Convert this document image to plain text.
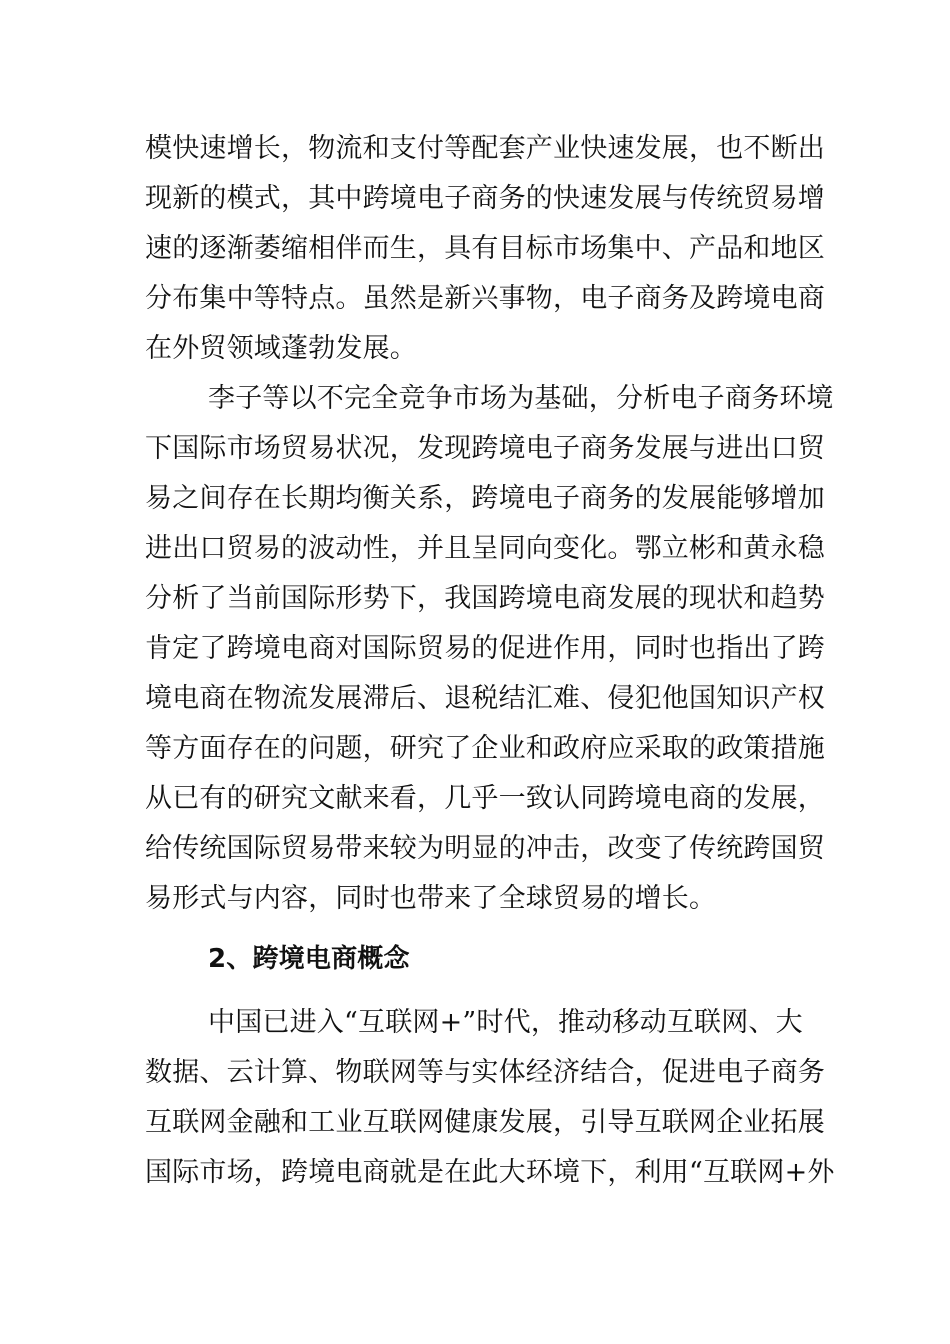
模快速增长，物流和支付等配套产业快速发展，也不断出
现新的模式，其中跨境电子商务的快速发展与传统贸易增
速的逐渐萎缩相伴而生，具有目标市场集中、产品和地区
分布集中等特点。虽然是新兴事物，电子商务及跨境电商
在外贸领域蓬勃发展。
李子等以不完全竞争市场为基础，分析电子商务环境
下国际市场贸易状况，发现跨境电子商务发展与进出口贸
易之间存在长期均衡关系，跨境电子商务的发展能够增加
进出口贸易的波动性，并且呈同向变化。鄂立彬和黄永稳
分析了当前国际形势下，我国跨境电商发展的现状和趋势
肯定了跨境电商对国际贸易的促进作用，同时也指出了跨
境电商在物流发展滞后、退税结汇难、侵犯他国知识产权
等方面存在的问题，研究了企业和政府应采取的政策措施
从已有的研究文献来看，几乎一致认同跨境电商的发展，
给传统国际贸易带来较为明显的冲击，改变了传统跨国贸
易形式与内容，同时也带来了全球贸易的增长。
2、跨境电商概念
中国已进入“互联网+”时代，推动移动互联网、大
数据、云计算、物联网等与实体经济结合，促进电子商务
互联网金融和工业互联网健康发展，引导互联网企业拓展
国际市场，跨境电商就是在此大环境下，利用“互联网+外
